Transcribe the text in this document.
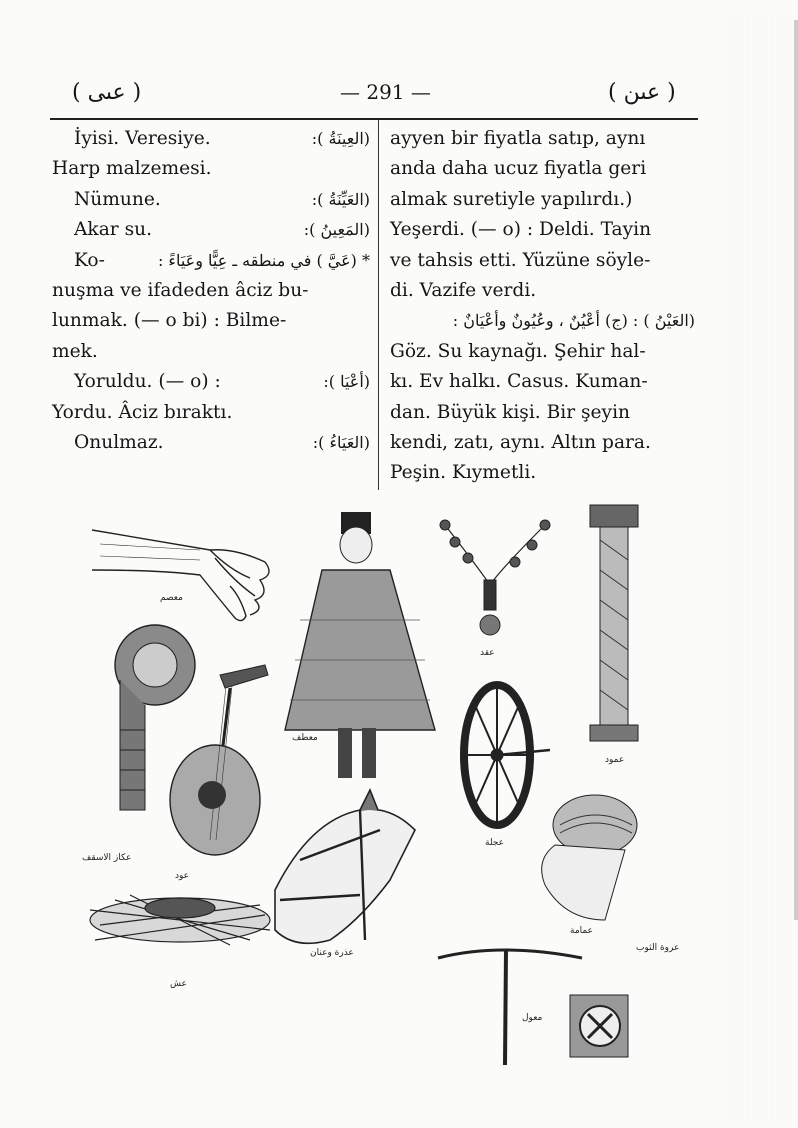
( عىی )	— 291 —	( عىن )
İyisi. Veresiye.	(العِينَةُ ):
Harp malzemesi.
Nümune.	(العَيِّنَةُ ):
Akar su.	(المَعِينُ ):
Ko-	* (عَيَّ ) في منطقه ـ عِيًّا وعَيَاءً :
nuşma ve ifadeden âciz bu-
lunmak. (— o bi) : Bilme-
mek.
Yoruldu. (— o) :	(أعْيَا ):
Yordu. Âciz bıraktı.
Onulmaz.	(العَيَاءُ ):
ayyen bir fiyatla satıp, aynı
anda daha ucuz fiyatla geri
almak suretiyle yapılırdı.)
Yeşerdi. (— o) : Deldi. Tayin
ve tahsis etti. Yüzüne söyle-
di. Vazife verdi.
(العَيْنُ ) : (ج) أعْيُنٌ ، وعُيُونٌ وأعْيَانٌ :
Göz. Su kaynağı. Şehir hal-
kı. Ev halkı. Casus. Kuman-
dan. Büyük kişi. Bir şeyin
kendi, zatı, aynı. Altın para.
Peşin. Kıymetli.
معصم
معطف
عقد
عمود
عكاز الاسقف
عود
عجلة
عمامة
عذرة وعنان
عش
معول
عروة الثوب
